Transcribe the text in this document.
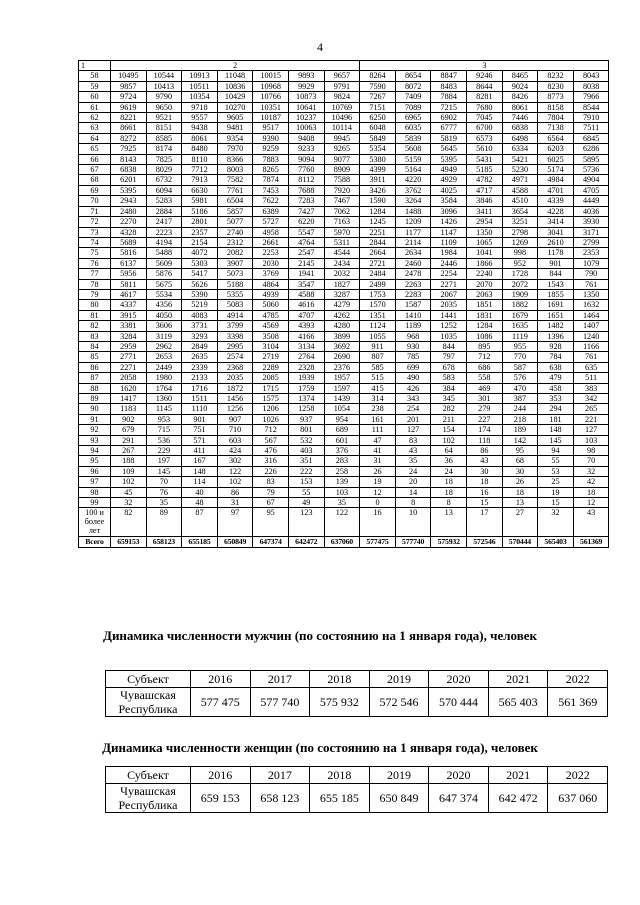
4
1	2							3						
58	10495	10544	10913	11048	10015	9893	9657	8264	8654	8847	9246	8465	8232	8043
59	9857	10413	10511	10836	10968	9929	9791	7590	8072	8483	8644	9024	8230	8038
60	9724	9790	10354	10429	10766	10873	9824	7267	7409	7884	8281	8426	8773	7966
61	9619	9650	9718	10270	10351	10641	10769	7151	7089	7215	7680	8061	8158	8544
62	8221	9521	9557	9605	10187	10237	10496	6250	6965	6902	7045	7446	7804	7910
63	8661	8151	9438	9481	9517	10063	10114	6048	6035	6777	6700	6838	7138	7511
64	8272	8585	8061	9354	9390	9408	9945	5849	5839	5819	6573	6498	6564	6845
65	7925	8174	8480	7970	9259	9233	9265	5354	5608	5645	5610	6334	6203	6286
66	8143	7825	8110	8366	7883	9094	9077	5380	5159	5395	5431	5421	6025	5895
67	6838	8029	7712	8003	8265	7760	8909	4399	5164	4949	5185	5230	5174	5736
68	6201	6732	7913	7582	7874	8112	7588	3911	4220	4929	4782	4971	4984	4904
69	5395	6094	6630	7761	7453	7688	7920	3426	3762	4025	4717	4588	4701	4705
70	2943	5283	5981	6504	7622	7283	7467	1590	3264	3584	3846	4510	4339	4449
71	2480	2884	5186	5857	6389	7427	7062	1284	1488	3096	3411	3654	4228	4036
72	2270	2417	2801	5077	5727	6220	7163	1245	1209	1426	2954	3251	3414	3930
73	4328	2223	2357	2740	4958	5547	5970	2251	1177	1147	1350	2798	3041	3171
74	5689	4194	2154	2312	2661	4764	5311	2844	2114	1109	1065	1269	2610	2799
75	5816	5488	4072	2082	2253	2547	4544	2664	2634	1984	1041	998	1178	2353
76	6137	5609	5303	3907	2030	2145	2434	2721	2460	2446	1866	952	901	1079
77	5956	5876	5417	5073	3769	1941	2032	2484	2478	2254	2240	1728	844	790
78	5811	5675	5626	5188	4864	3547	1827	2499	2263	2271	2070	2072	1543	761
79	4617	5534	5390	5355	4939	4588	3287	1753	2283	2067	2063	1909	1855	1350
80	4337	4356	5219	5083	5060	4616	4279	1570	1587	2035	1851	1882	1691	1632
81	3915	4050	4083	4914	4785	4707	4262	1351	1410	1441	1831	1679	1651	1464
82	3381	3606	3731	3799	4569	4393	4280	1124	1189	1252	1284	1635	1482	1407
83	3284	3119	3293	3398	3508	4166	3899	1055	968	1035	1086	1119	1396	1240
84	2959	2962	2849	2995	3104	3134	3692	911	930	844	895	955	928	1166
85	2771	2653	2635	2574	2719	2764	2690	807	785	797	712	770	784	761
86	2271	2449	2339	2368	2289	2328	2376	585	699	678	686	587	638	635
87	2058	1980	2133	2035	2085	1939	1957	515	490	583	558	576	479	511
88	1620	1764	1716	1872	1715	1759	1597	415	426	384	469	470	458	383
89	1417	1360	1511	1456	1575	1374	1439	314	343	345	301	387	353	342
90	1183	1145	1110	1256	1206	1258	1054	238	254	282	279	244	294	265
91	902	953	901	907	1026	937	954	161	201	211	227	218	181	221
92	679	715	751	710	712	801	689	111	127	154	174	189	148	127
93	291	536	571	603	567	532	601	47	83	102	118	142	145	103
94	267	229	411	424	476	403	376	41	43	64	86	95	94	98
95	188	197	167	302	316	351	283	31	35	36	43	68	55	70
96	109	145	148	122	226	222	258	26	24	24	30	30	53	32
97	102	70	114	102	83	153	139	19	20	18	18	26	25	42
98	45	76	40	86	79	55	103	12	14	18	16	18	19	18
99	32	35	48	31	67	49	35	0	8	8	15	13	15	12
100 и более лет	82	89	87	97	95	123	122	16	10	13	17	27	32	43
Всего	659153	658123	655185	650849	647374	642472	637060	577475	577740	575932	572546	570444	565403	561369
Динамика численности мужчин (по состоянию на 1 января года), человек
Субъект	2016	2017	2018	2019	2020	2021	2022
Чувашская Республика	577 475	577 740	575 932	572 546	570 444	565 403	561 369
Динамика численности женщин (по состоянию на 1 января года), человек
Субъект	2016	2017	2018	2019	2020	2021	2022
Чувашская Республика	659 153	658 123	655 185	650 849	647 374	642 472	637 060
